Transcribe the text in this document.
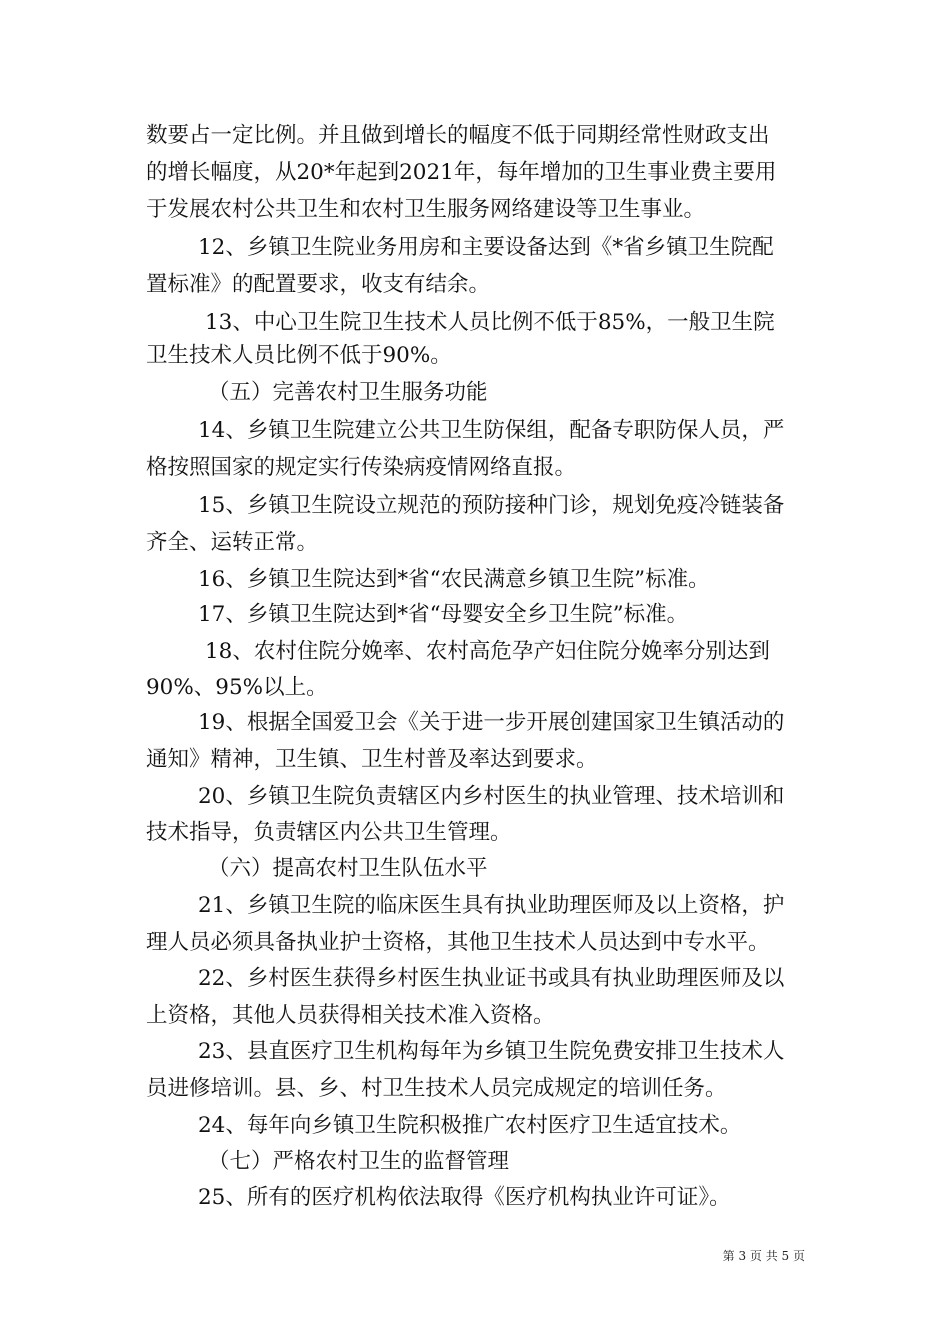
数要占一定比例。并且做到增长的幅度不低于同期经常性财政支出
的增长幅度，从20*年起到2021年，每年增加的卫生事业费主要用
于发展农村公共卫生和农村卫生服务网络建设等卫生事业。
12、乡镇卫生院业务用房和主要设备达到《*省乡镇卫生院配
置标准》的配置要求，收支有结余。
13、中心卫生院卫生技术人员比例不低于85%，一般卫生院
卫生技术人员比例不低于90%。
（五）完善农村卫生服务功能
14、乡镇卫生院建立公共卫生防保组，配备专职防保人员，严
格按照国家的规定实行传染病疫情网络直报。
15、乡镇卫生院设立规范的预防接种门诊，规划免疫冷链装备
齐全、运转正常。
16、乡镇卫生院达到*省“农民满意乡镇卫生院”标准。
17、乡镇卫生院达到*省“母婴安全乡卫生院”标准。
18、农村住院分娩率、农村高危孕产妇住院分娩率分别达到
90%、95%以上。
19、根据全国爱卫会《关于进一步开展创建国家卫生镇活动的
通知》精神，卫生镇、卫生村普及率达到要求。
20、乡镇卫生院负责辖区内乡村医生的执业管理、技术培训和
技术指导，负责辖区内公共卫生管理。
（六）提高农村卫生队伍水平
21、乡镇卫生院的临床医生具有执业助理医师及以上资格，护
理人员必须具备执业护士资格，其他卫生技术人员达到中专水平。
22、乡村医生获得乡村医生执业证书或具有执业助理医师及以
上资格，其他人员获得相关技术准入资格。
23、县直医疗卫生机构每年为乡镇卫生院免费安排卫生技术人
员进修培训。县、乡、村卫生技术人员完成规定的培训任务。
24、每年向乡镇卫生院积极推广农村医疗卫生适宜技术。
（七）严格农村卫生的监督管理
25、所有的医疗机构依法取得《医疗机构执业许可证》。
第 3 页 共 5 页
